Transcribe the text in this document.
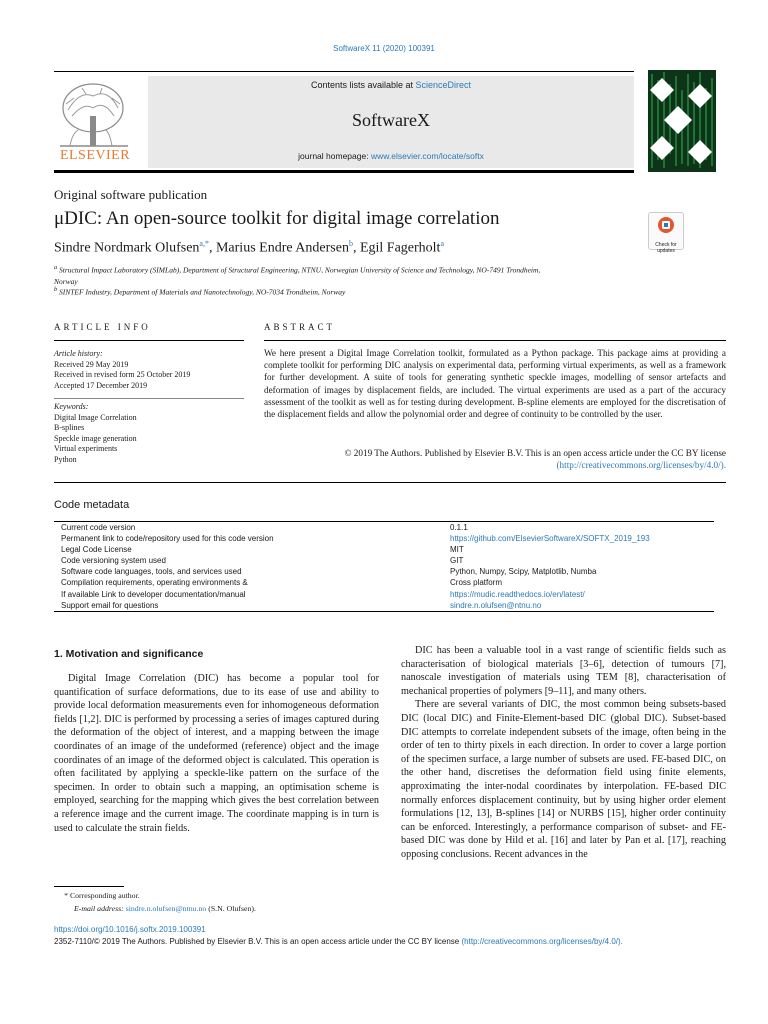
SoftwareX 11 (2020) 100391
ELSEVIER
Contents lists available at ScienceDirect
SoftwareX
journal homepage: www.elsevier.com/locate/softx
Original software publication
μDIC: An open-source toolkit for digital image correlation
Sindre Nordmark Olufsen$^{a,*}$, Marius Endre Andersen$^b$, Egil Fagerholt$^a$	Check for updates
$^a$ Structural Impact Laboratory (SIMLab), Department of Structural Engineering, NTNU, Norwegian University of Science and Technology, NO-7491 Trondheim, Norway
$^b$ SINTEF Industry, Department of Materials and Nanotechnology, NO-7034 Trondheim, Norway
ARTICLE INFO	ABSTRACT
Article history:
Received 29 May 2019
Received in revised form 25 October 2019
Accepted 17 December 2019
Keywords:
Digital Image Correlation
B-splines
Speckle image generation
Virtual experiments
Python
We here present a Digital Image Correlation toolkit, formulated as a Python package. This package aims at providing a complete toolkit for performing DIC analysis on experimental data, performing virtual experiments, as well as a framework for further development. A suite of tools for generating synthetic speckle images, modelling of sensor artefacts and deformation of images by displacement fields, are included. The virtual experiments are used as a part of the accuracy assessment of the toolkit as well as for testing during development. B-spline elements are employed for the discretisation of the displacement fields and allow the polynomial order and degree of continuity to be controlled by the user.
© 2019 The Authors. Published by Elsevier B.V. This is an open access article under the CC BY license
(http://creativecommons.org/licenses/by/4.0/).
Code metadata
Current code version	0.1.1
Permanent link to code/repository used for this code version	https://github.com/ElsevierSoftwareX/SOFTX_2019_193
Legal Code License	MIT
Code versioning system used	GIT
Software code languages, tools, and services used	Python, Numpy, Scipy, Matplotlib, Numba
Compilation requirements, operating environments &	Cross platform
If available Link to developer documentation/manual	https://mudic.readthedocs.io/en/latest/
Support email for questions	sindre.n.olufsen@ntnu.no
1. Motivation and significance

Digital Image Correlation (DIC) has become a popular tool for quantification of surface deformations, due to its ease of use and ability to provide local deformation measurements even for inhomogeneous deformation fields [1,2]. DIC is performed by processing a series of images captured during the deformation of the object of interest, and a mapping between the image coordinates of an image of the undeformed (reference) object and the image coordinates of an image of the deformed object is calculated. This operation is often facilitated by applying a speckle-like pattern on the surface of the specimen. In order to obtain such a mapping, an optimisation scheme is employed, searching for the mapping which gives the best correlation between a reference image and the current image. The coordinate mapping is in turn is used to calculate the strain fields.

DIC has been a valuable tool in a vast range of scientific fields such as characterisation of biological materials [3–6], detection of tumours [7], nanoscale investigation of materials using TEM [8], characterisation of mechanical properties of polymers [9–11], and many others.

There are several variants of DIC, the most common being subsets-based DIC (local DIC) and Finite-Element-based DIC (global DIC). Subset-based DIC attempts to correlate independent subsets of the image, often being in the order of ten to thirty pixels in each direction. In order to cover a large portion of the specimen surface, a large number of subsets are used. FE-based DIC, on the other hand, discretises the deformation field using finite elements, approximating the inter-nodal coordinates by interpolation. FE-based DIC normally enforces displacement continuity, but by using higher order element formulations [12, 13], B-splines [14] or NURBS [15], higher order continuity can be enforced. Interestingly, a performance comparison of subset- and FE-based DIC was done by Hild et al. [16] and later by Pan et al. [17], reaching opposing conclusions. Recent advances in the

* Corresponding author.
E-mail address: sindre.n.olufsen@ntnu.no (S.N. Olufsen).
https://doi.org/10.1016/j.softx.2019.100391
2352-7110/© 2019 The Authors. Published by Elsevier B.V. This is an open access article under the CC BY license (http://creativecommons.org/licenses/by/4.0/).
